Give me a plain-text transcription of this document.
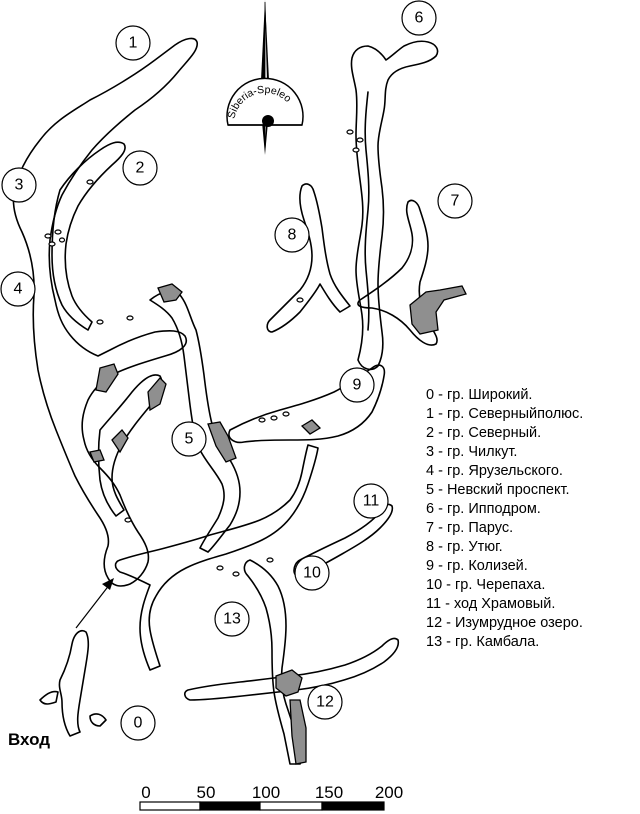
0
1
2
3
4
5
6
7
8
9
10
11
12
13
Siberia-Speleo
Вход
0 - гр. Широкий.
1 - гр. Северныйполюс.
2 - гр. Северный.
3 - гр. Чилкут.
4 - гр. Ярузельского.
5 - Невский проспект.
6 - гр. Ипподром.
7 - гр. Парус.
8 - гр. Утюг.
9 - гр. Колизей.
10 - гр. Черепаха.
11 - ход Храмовый.
12 - Изумрудное озеро.
13 - гр. Камбала.
0	50 100 150 200
